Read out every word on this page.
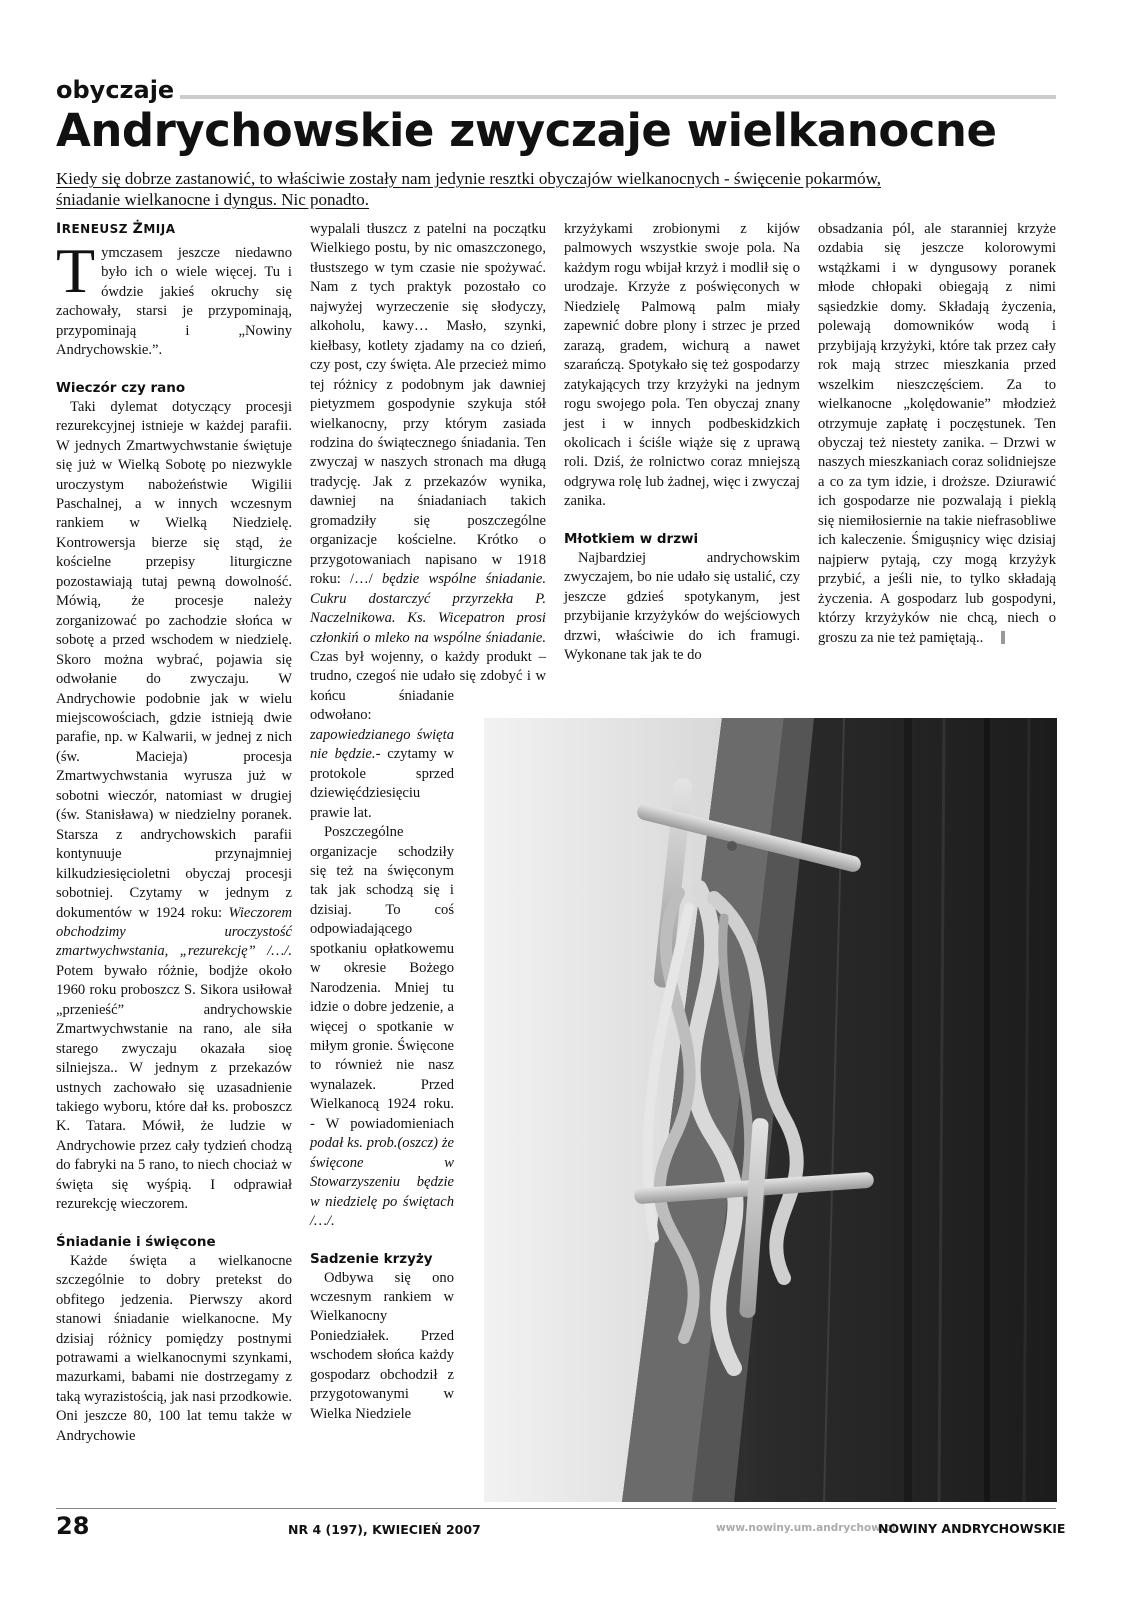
obyczaje
Andrychowskie zwyczaje wielkanocne
Kiedy się dobrze zastanowić, to właściwie zostały nam jedynie resztki obyczajów wielkanocnych - święcenie pokarmów,
śniadanie wielkanocne i dyngus. Nic ponadto.
IRENEUSZ ŻMIJA

Tymczasem jeszcze niedawno było ich o wiele więcej. Tu i ówdzie jakieś okruchy się zachowały, starsi je przypominają, przypominają i „Nowiny Andrychowskie.”.

Wieczór czy rano

Taki dylemat dotyczący procesji rezurekcyjnej istnieje w każdej parafii. W jednych Zmartwychwstanie świętuje się już w Wielką Sobotę po niezwykle uroczystym nabożeństwie Wigilii Paschalnej, a w innych wczesnym rankiem w Wielką Niedzielę. Kontrowersja bierze się stąd, że kościelne przepisy liturgiczne pozostawiają tutaj pewną dowolność. Mówią, że procesje należy zorganizować po zachodzie słońca w sobotę a przed wschodem w niedzielę. Skoro można wybrać, pojawia się odwołanie do zwyczaju. W Andrychowie podobnie jak w wielu miejscowościach, gdzie istnieją dwie parafie, np. w Kalwarii, w jednej z nich (św. Macieja) procesja Zmartwychwstania wyrusza już w sobotni wieczór, natomiast w drugiej (św. Stanisława) w niedzielny poranek. Starsza z andrychowskich parafii kontynuuje przynajmniej kilkudziesięcioletni obyczaj procesji sobotniej. Czytamy w jednym z dokumentów w 1924 roku: Wieczorem obchodzimy uroczystość zmartwychwstania, „rezurekcję” /…/. Potem bywało różnie, bodjże około 1960 roku proboszcz S. Sikora usiłował „przenieść” andrychowskie Zmartwychwstanie na rano, ale siła starego zwyczaju okazała sioę silniejsza.. W jednym z przekazów ustnych zachowało się uzasadnienie takiego wyboru, które dał ks. proboszcz K. Tatara. Mówił, że ludzie w Andrychowie przez cały tydzień chodzą do fabryki na 5 rano, to niech chociaż w święta się wyśpią. I odprawiał rezurekcję wieczorem.

Śniadanie i święcone

Każde święta a wielkanocne szczególnie to dobry pretekst do obfitego jedzenia. Pierwszy akord stanowi śniadanie wielkanocne. My dzisiaj różnicy pomiędzy postnymi potrawami a wielkanocnymi szynkami, mazurkami, babami nie dostrzegamy z taką wyrazistością, jak nasi przodkowie. Oni jeszcze 80, 100 lat temu także w Andrychowie

wypalali tłuszcz z patelni na początku Wielkiego postu, by nic omaszczonego, tłustszego w tym czasie nie spożywać. Nam z tych praktyk pozostało co najwyżej wyrzeczenie się słodyczy, alkoholu, kawy… Masło, szynki, kiełbasy, kotlety zjadamy na co dzień, czy post, czy święta. Ale przecież mimo tej różnicy z podobnym jak dawniej pietyzmem gospodynie szykuja stół wielkanocny, przy którym zasiada rodzina do świątecznego śniadania. Ten zwyczaj w naszych stronach ma długą tradycję. Jak z przekazów wynika, dawniej na śniadaniach takich gromadziły się poszczególne organizacje kościelne. Krótko o przygotowaniach napisano w 1918 roku: /…/ będzie wspólne śniadanie. Cukru dostarczyć przyrzekła P. Naczelnikowa. Ks. Wicepatron prosi członkiń o mleko na wspólne śniadanie. Czas był wojenny, o każdy produkt – trudno, czegoś nie udało się zdobyć i w końcu śniadanie odwołano: zapowiedzianego święta nie będzie.- czytamy w protokole sprzed dziewięćdziesięciu prawie lat.

Poszczególne organizacje schodziły się też na święconym tak jak schodzą się i dzisiaj. To coś odpowiadającego spotkaniu opłatkowemu w okresie Bożego Narodzenia. Mniej tu idzie o dobre jedzenie, a więcej o spotkanie w miłym gronie. Święcone to również nie nasz wynalazek. Przed Wielkanocą 1924 roku. - W powiadomieniach podał ks. prob.(oszcz) że święcone w Stowarzyszeniu będzie w niedzielę po świętach /…/.

Sadzenie krzyży

Odbywa się ono wczesnym rankiem w Wielkanocny Poniedziałek. Przed wschodem słońca każdy gospodarz obchodził z przygotowanymi w Wielka Niedziele

krzyżykami zrobionymi z kijów palmowych wszystkie swoje pola. Na każdym rogu wbijał krzyż i modlił się o urodzaje. Krzyże z poświęconych w Niedzielę Palmową palm miały zapewnić dobre plony i strzec je przed zarazą, gradem, wichurą a nawet szarańczą. Spotykało się też gospodarzy zatykających trzy krzyżyki na jednym rogu swojego pola. Ten obyczaj znany jest i w innych podbeskidzkich okolicach i ściśle wiąże się z uprawą roli. Dziś, że rolnictwo coraz mniejszą odgrywa rolę lub żadnej, więc i zwyczaj zanika.

Młotkiem w drzwi

Najbardziej andrychowskim zwyczajem, bo nie udało się ustalić, czy jeszcze gdzieś spotykanym, jest przybijanie krzyżyków do wejściowych drzwi, właściwie do ich framugi. Wykonane tak jak te do

obsadzania pól, ale staranniej krzyże ozdabia się jeszcze kolorowymi wstążkami i w dyngusowy poranek młode chłopaki obiegają z nimi sąsiedzkie domy. Składają życzenia, polewają domowników wodą i przybijają krzyżyki, które tak przez cały rok mają strzec mieszkania przed wszelkim nieszczęściem. Za to wielkanocne „kolędowanie” młodzież otrzymuje zapłatę i poczęstunek. Ten obyczaj też niestety zanika. – Drzwi w naszych mieszkaniach coraz solidniejsze a co za tym idzie, i droższe. Dziurawić ich gospodarze nie pozwalają i pieklą się niemiłosiernie na takie niefrasobliwe ich kaleczenie. Śmigușnicy więc dzisiaj najpierw pytają, czy mogą krzyżyk przybić, a jeśli nie, to tylko składają życzenia. A gospodarz lub gospodyni, którzy krzyżyków nie chcą, niech o groszu za nie też pamiętają..

28	NR 4 (197), KWIECIEŃ 2007	www.nowiny.um.andrychow.pl
NOWINY ANDRYCHOWSKIE
